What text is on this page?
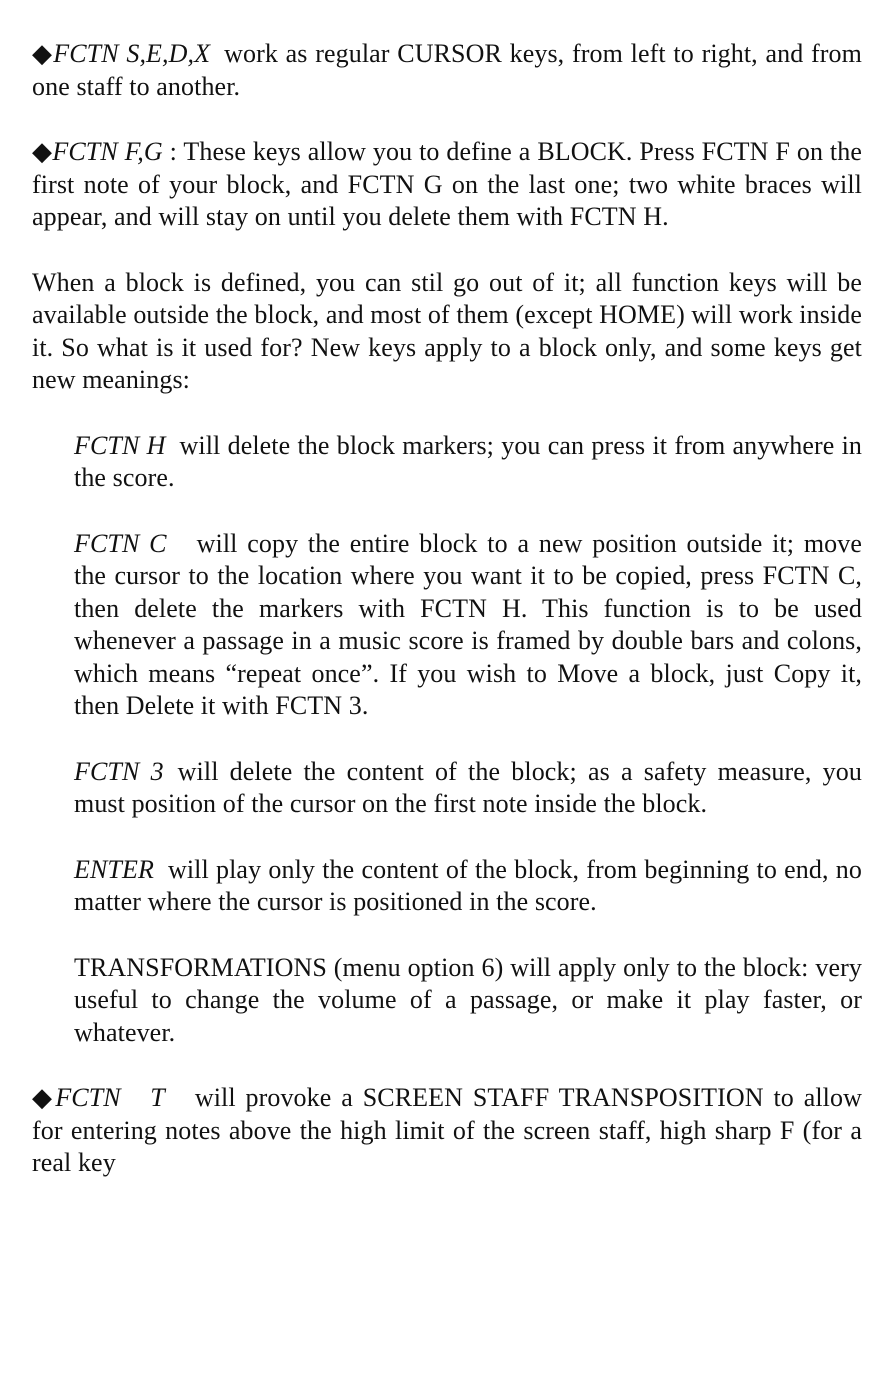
◆FCTN S,E,D,X work as regular CURSOR keys, from left to right, and from one staff to another.

◆FCTN F,G : These keys allow you to define a BLOCK. Press FCTN F on the first note of your block, and FCTN G on the last one; two white braces will appear, and will stay on until you delete them with FCTN H.

When a block is defined, you can stil go out of it; all function keys will be available outside the block, and most of them (except HOME) will work inside it. So what is it used for? New keys apply to a block only, and some keys get new meanings:

FCTN H will delete the block markers; you can press it from anywhere in the score.

FCTN C will copy the entire block to a new position outside it; move the cursor to the location where you want it to be copied, press FCTN C, then delete the markers with FCTN H. This function is to be used whenever a passage in a music score is framed by double bars and colons, which means “repeat once”. If you wish to Move a block, just Copy it, then Delete it with FCTN 3.

FCTN 3 will delete the content of the block; as a safety measure, you must position of the cursor on the first note inside the block.

ENTER will play only the content of the block, from beginning to end, no matter where the cursor is positioned in the score.

TRANSFORMATIONS (menu option 6) will apply only to the block: very useful to change the volume of a passage, or make it play faster, or whatever.

◆FCTN   T will provoke a SCREEN STAFF TRANSPOSITION to allow for entering notes above the high limit of the screen staff, high sharp F (for a real key
